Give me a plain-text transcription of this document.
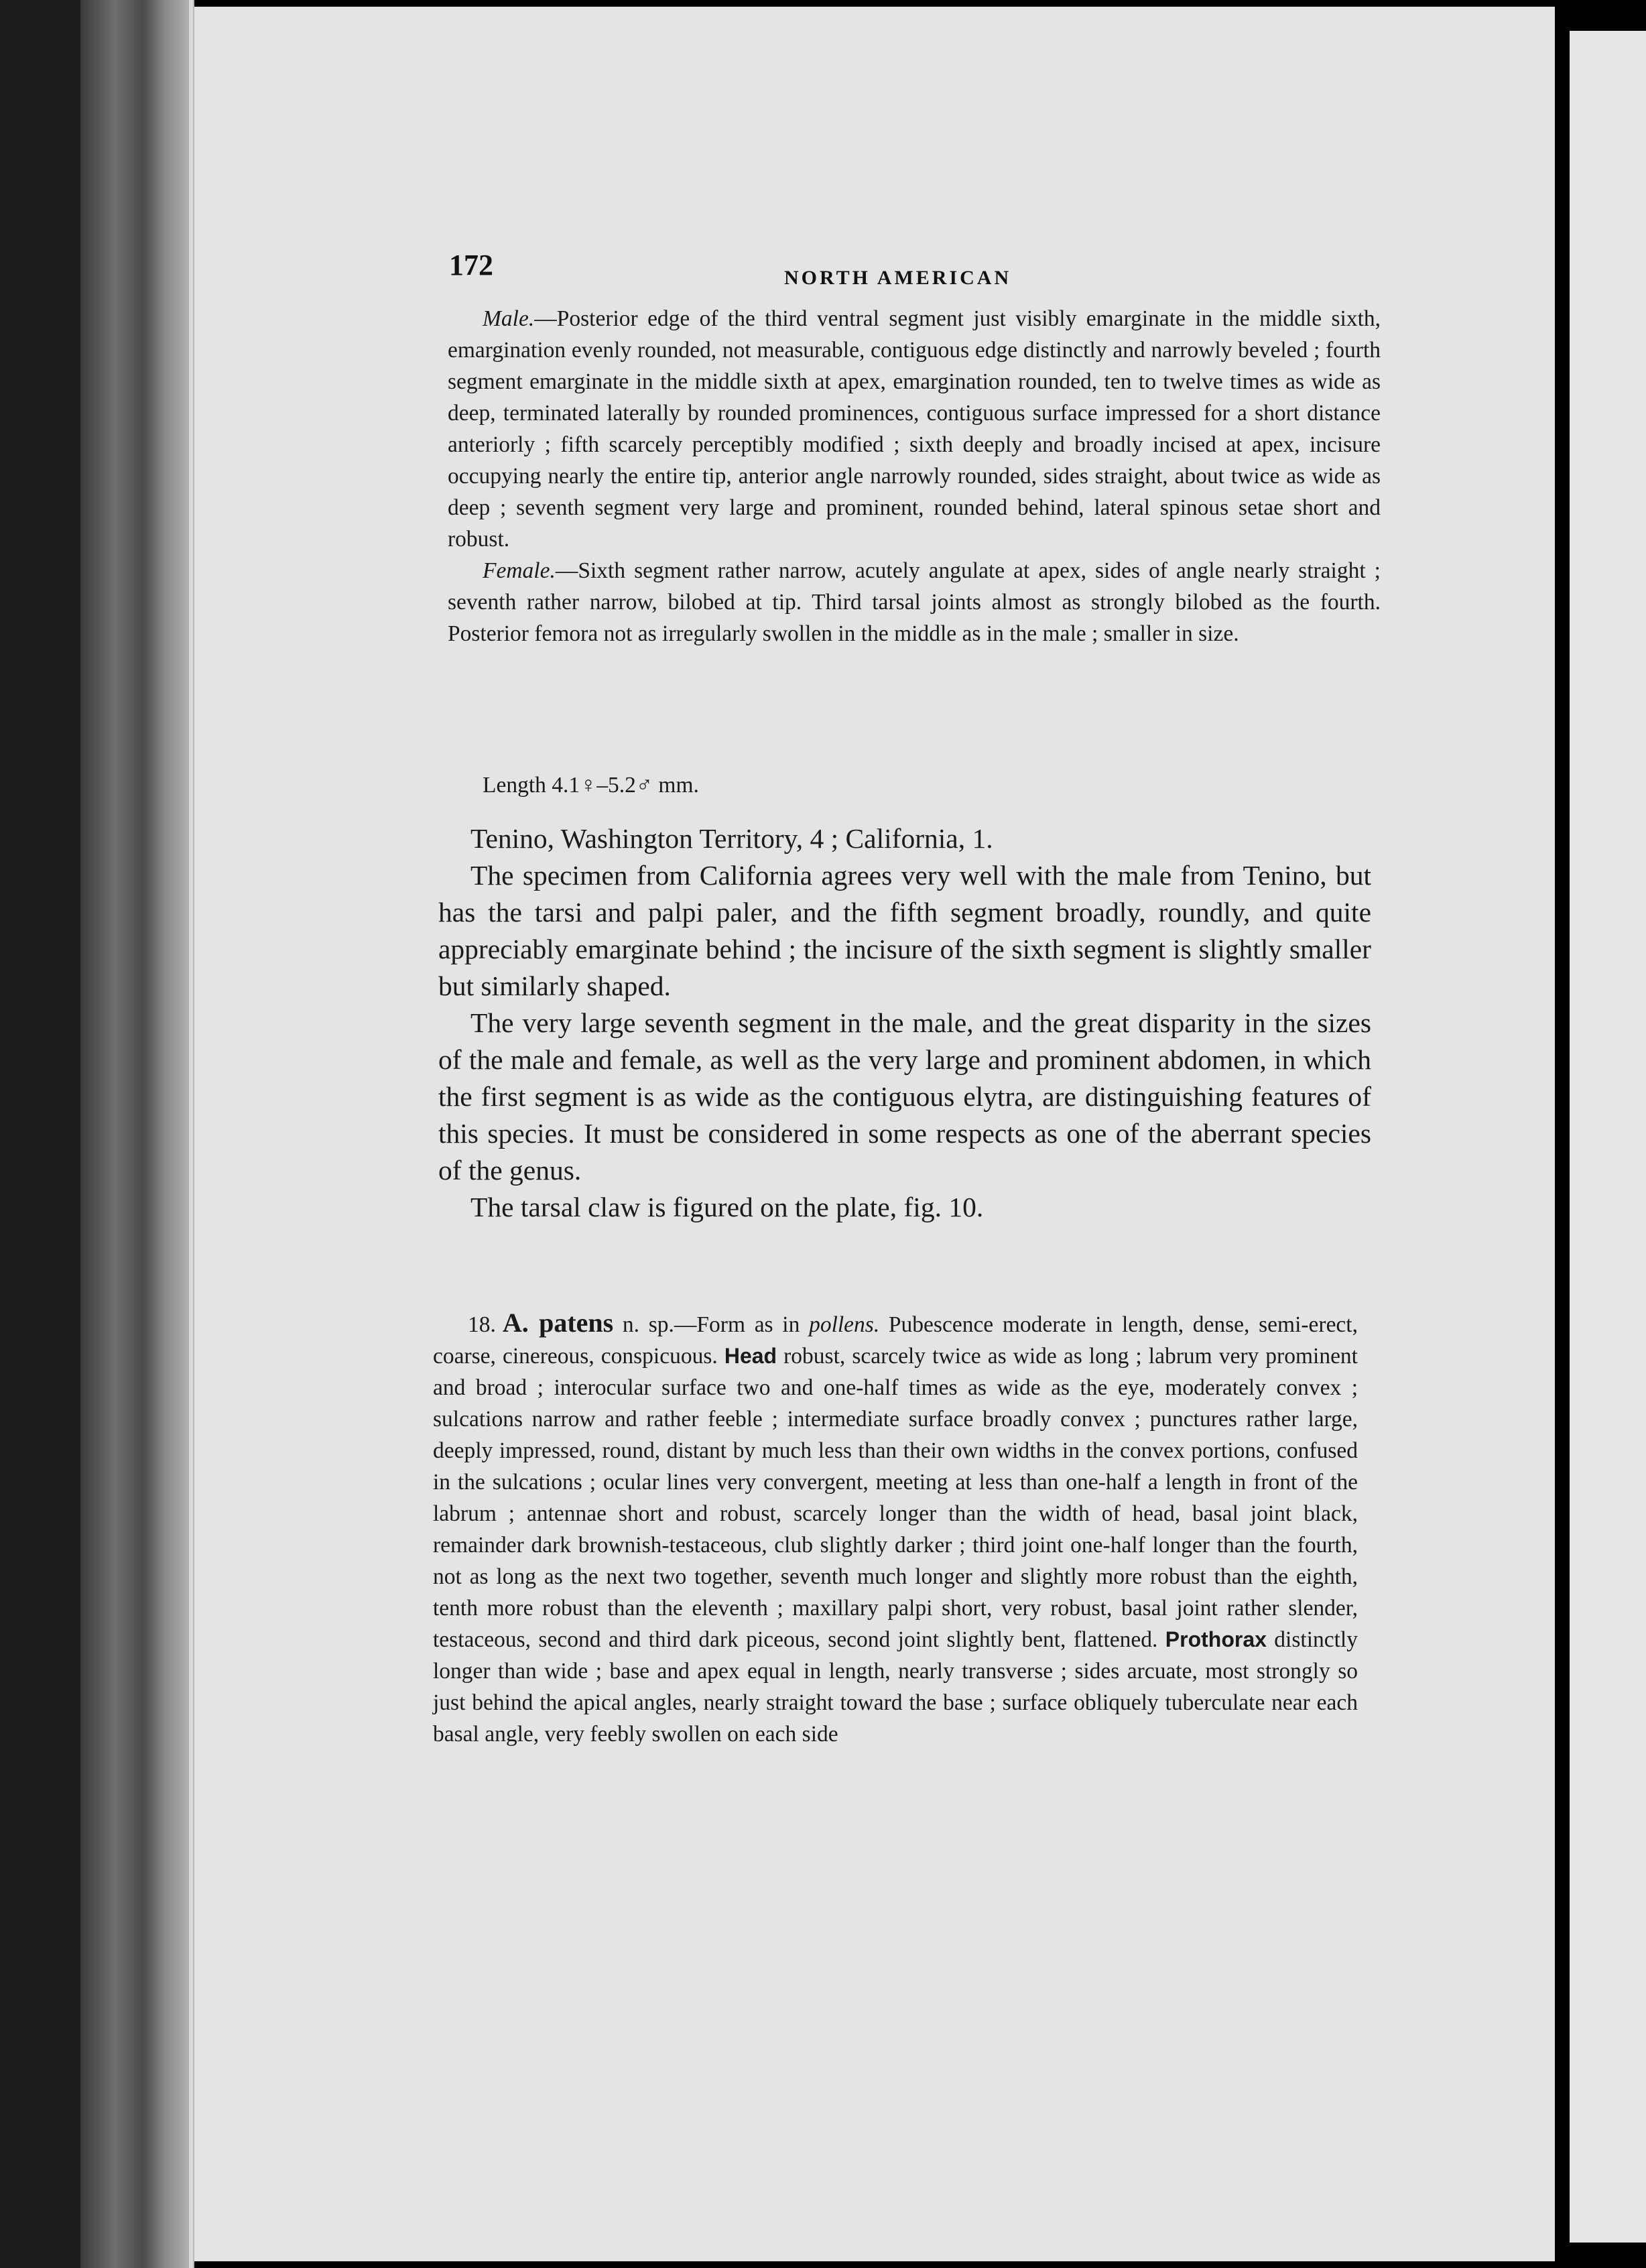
172	NORTH AMERICAN

Male.—Posterior edge of the third ventral segment just visibly emarginate in the middle sixth, emargination evenly rounded, not measurable, contiguous edge distinctly and narrowly beveled ; fourth segment emarginate in the middle sixth at apex, emargination rounded, ten to twelve times as wide as deep, terminated laterally by rounded prominences, contiguous surface impressed for a short distance anteriorly ; fifth scarcely perceptibly modified ; sixth deeply and broadly incised at apex, incisure occupying nearly the entire tip, anterior angle narrowly rounded, sides straight, about twice as wide as deep ; seventh segment very large and prominent, rounded behind, lateral spinous setae short and robust.

Female.—Sixth segment rather narrow, acutely angulate at apex, sides of angle nearly straight ; seventh rather narrow, bilobed at tip. Third tarsal joints almost as strongly bilobed as the fourth. Posterior femora not as irregularly swollen in the middle as in the male ; smaller in size.

Length 4.1♀–5.2♂ mm.

Tenino, Washington Territory, 4 ; California, 1.

The specimen from California agrees very well with the male from Tenino, but has the tarsi and palpi paler, and the fifth segment broadly, roundly, and quite appreciably emarginate behind ; the incisure of the sixth segment is slightly smaller but similarly shaped.

The very large seventh segment in the male, and the great disparity in the sizes of the male and female, as well as the very large and prominent abdomen, in which the first segment is as wide as the contiguous elytra, are distinguishing features of this species. It must be considered in some respects as one of the aberrant species of the genus.

The tarsal claw is figured on the plate, fig. 10.

18. A. patens n. sp.—Form as in pollens. Pubescence moderate in length, dense, semi-erect, coarse, cinereous, conspicuous. Head robust, scarcely twice as wide as long ; labrum very prominent and broad ; interocular surface two and one-half times as wide as the eye, moderately convex ; sulcations narrow and rather feeble ; intermediate surface broadly convex ; punctures rather large, deeply impressed, round, distant by much less than their own widths in the convex portions, confused in the sulcations ; ocular lines very convergent, meeting at less than one-half a length in front of the labrum ; antennae short and robust, scarcely longer than the width of head, basal joint black, remainder dark brownish-testaceous, club slightly darker ; third joint one-half longer than the fourth, not as long as the next two together, seventh much longer and slightly more robust than the eighth, tenth more robust than the eleventh ; maxillary palpi short, very robust, basal joint rather slender, testaceous, second and third dark piceous, second joint slightly bent, flattened. Prothorax distinctly longer than wide ; base and apex equal in length, nearly transverse ; sides arcuate, most strongly so just behind the apical angles, nearly straight toward the base ; surface obliquely tuberculate near each basal angle, very feebly swollen on each side
